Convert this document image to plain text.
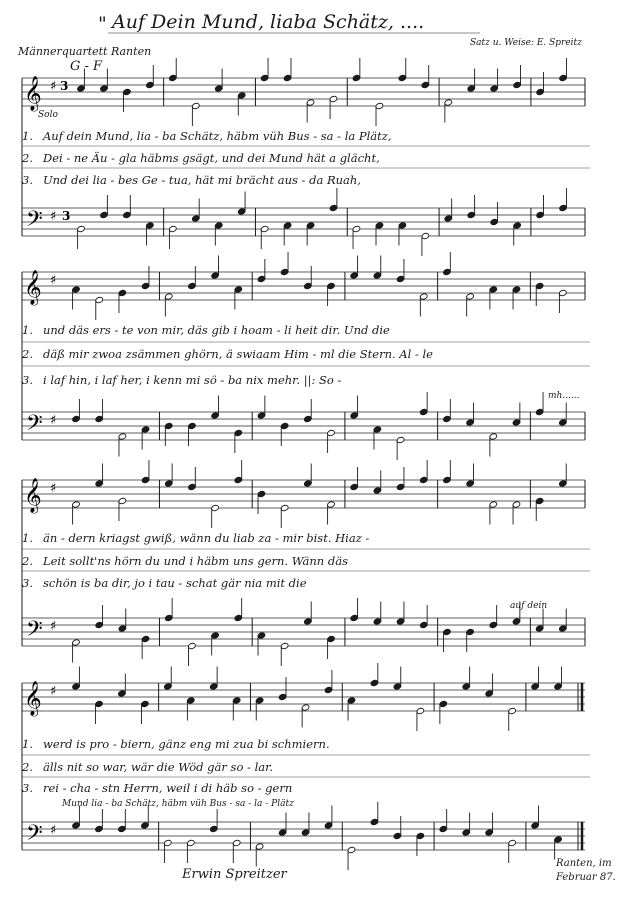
" Auf Dein Mund, liaba Schätz, ....
Satz u. Weise: E. Spreitz
Männerquartett Ranten
G - F
Solo
𝄞 ♯ 3
1. Auf dein Mund, lia - ba Schätz, häbm vüh Bus - sa - la Plätz,
2. Dei - ne Äu - gla häbms gsägt, und dei Mund hät a glächt,
3. Und dei lia - bes Ge - tua, hät mi brächt aus - da Ruah,
𝄢 ♯ 3
𝄞 ♯
1. und däs ers - te von mir, däs gib i hoam - li heit dir. Und die
2. däß mir zwoa zsämmen ghörn, ä swiaam Him - ml die Stern. Al - le
3. i laf hin, i laf her, i kenn mi sö - ba nix mehr. ||: So -
mh......
𝄢 ♯
𝄞 ♯
1. än - dern kriagst gwiß, wänn du liab za - mir bist. Hiaz -
2. Leit sollt'ns hörn du und i häbm uns gern. Wänn däs
3. schön is ba dir, jo i tau - schat gär nia mit die
auf dein
𝄢 ♯
𝄞 ♯
1. werd is pro - biern, gänz eng mi zua bi schmiern.
2. älls nit so war, wär die Wöd gär so - lar.
3. rei - cha - stn Herrn, weil i di häb so - gern
Mund lia - ba Schätz, häbm vüh Bus - sa - la - Plätz
𝄢 ♯
Erwin Spreitzer
Ranten, im
Februar 87.
